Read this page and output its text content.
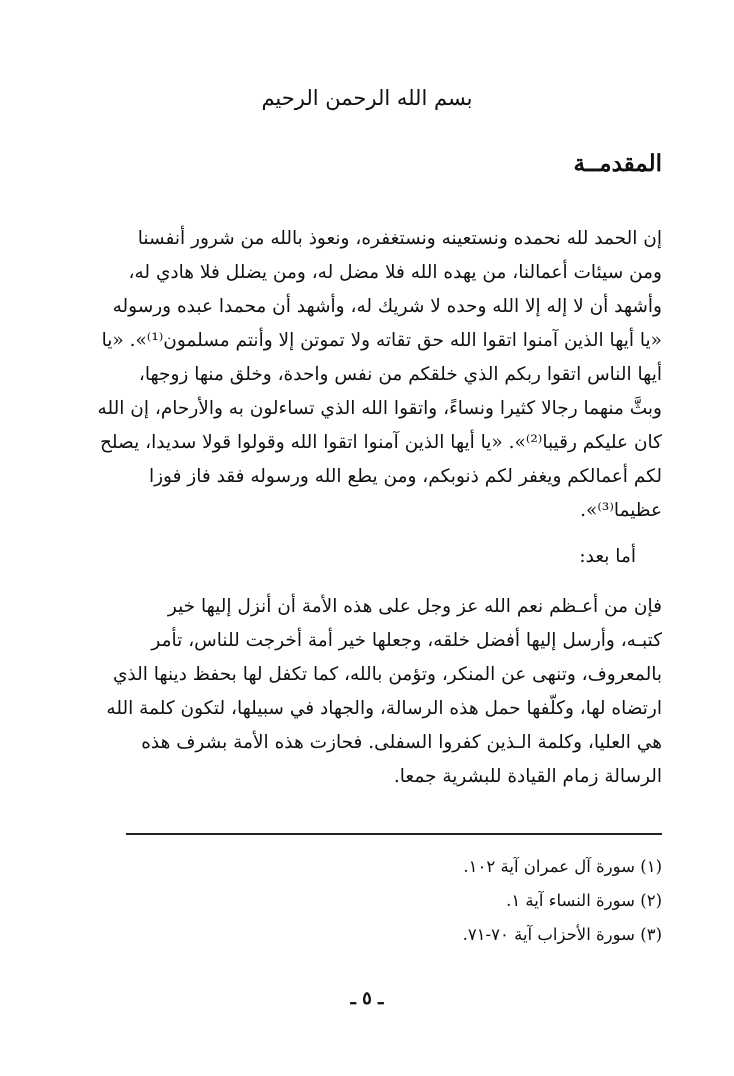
بسم الله الرحمن الرحيم
المقدمــة

إن الحمد لله نحمده ونستعينه ونستغفره، ونعوذ بالله من شرور أنفسنا
ومن سيئات أعمالنا، من يهده الله فلا مضل له، ومن يضلل فلا هادي له،
وأشهد أن لا إله إلا الله وحده لا شريك له، وأشهد أن محمدا عبده ورسوله
«يا أيها الذين آمنوا اتقوا الله حق تقاته ولا تموتن إلا وأنتم مسلمون⁽¹⁾». «يا
أيها الناس اتقوا ربكم الذي خلقكم من نفس واحدة، وخلق منها زوجها،
وبثَّ منهما رجالا كثيرا ونساءً، واتقوا الله الذي تساءلون به والأرحام، إن الله
كان عليكم رقيبا⁽²⁾». «يا أيها الذين آمنوا اتقوا الله وقولوا قولا سديدا، يصلح
لكم أعمالكم ويغفر لكم ذنوبكم، ومن يطع الله ورسوله فقد فاز فوزا
عظيما⁽³⁾».

أما بعد:

فإن من أعـظم نعم الله عز وجل على هذه الأمة أن أنزل إليها خير
كتبـه، وأرسل إليها أفضل خلقه، وجعلها خير أمة أخرجت للناس، تأمر
بالمعروف، وتنهى عن المنكر، وتؤمن بالله، كما تكفل لها بحفظ دينها الذي
ارتضاه لها، وكلّفها حمل هذه الرسالة، والجهاد في سبيلها، لتكون كلمة الله
هي العليا، وكلمة الـذين كفروا السفلى. فحازت هذه الأمة بشرف هذه
الرسالة زمام القيادة للبشرية جمعا.

(١) سورة آل عمران آية ١٠٢.
(٢) سورة النساء آية ١.
(٣) سورة الأحزاب آية ٧٠-٧١.
ـ ٥ ـ
